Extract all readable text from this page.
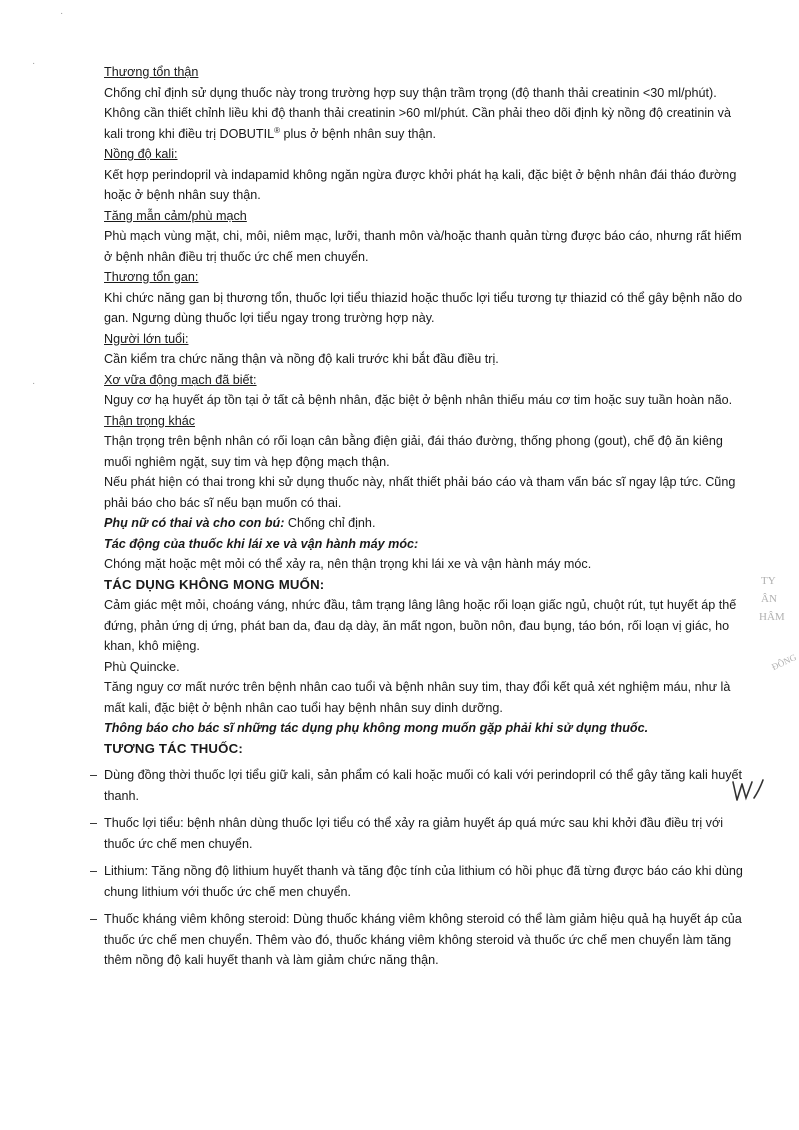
Thương tổn thận

Chống chỉ định sử dụng thuốc này trong trường hợp suy thận trầm trọng (độ thanh thải creatinin <30 ml/phút). Không cần thiết chỉnh liều khi độ thanh thải creatinin >60 ml/phút. Cần phải theo dõi định kỳ nồng độ creatinin và kali trong khi điều trị DOBUTIL® plus ở bệnh nhân suy thận.

Nồng độ kali:

Kết hợp perindopril và indapamid không ngăn ngừa được khởi phát hạ kali, đặc biệt ở bệnh nhân đái tháo đường hoặc ở bệnh nhân suy thận.

Tăng mẫn cảm/phù mạch

Phù mạch vùng mặt, chi, môi, niêm mạc, lưỡi, thanh môn và/hoặc thanh quản từng được báo cáo, nhưng rất hiếm ở bệnh nhân điều trị thuốc ức chế men chuyển.

Thương tổn gan:

Khi chức năng gan bị thương tổn, thuốc lợi tiểu thiazid hoặc thuốc lợi tiểu tương tự thiazid có thể gây bệnh não do gan. Ngưng dùng thuốc lợi tiểu ngay trong trường hợp này.

Người lớn tuổi:

Cần kiểm tra chức năng thận và nồng độ kali trước khi bắt đầu điều trị.

Xơ vữa động mạch đã biết:

Nguy cơ hạ huyết áp tồn tại ở tất cả bệnh nhân, đặc biệt ở bệnh nhân thiếu máu cơ tim hoặc suy tuần hoàn não.

Thận trọng khác

Thận trọng trên bệnh nhân có rối loạn cân bằng điện giải, đái tháo đường, thống phong (gout), chế độ ăn kiêng muối nghiêm ngặt, suy tim và hẹp động mạch thận.

Nếu phát hiện có thai trong khi sử dụng thuốc này, nhất thiết phải báo cáo và tham vấn bác sĩ ngay lập tức. Cũng phải báo cho bác sĩ nếu bạn muốn có thai.

Phụ nữ có thai và cho con bú: Chống chỉ định.

Tác động của thuốc khi lái xe và vận hành máy móc:

Chóng mặt hoặc mệt mỏi có thể xảy ra, nên thận trọng khi lái xe và vận hành máy móc.

TÁC DỤNG KHÔNG MONG MUỐN:

Cảm giác mệt mỏi, choáng váng, nhức đầu, tâm trạng lâng lâng hoặc rối loạn giấc ngủ, chuột rút, tụt huyết áp thế đứng, phản ứng dị ứng, phát ban da, đau dạ dày, ăn mất ngon, buồn nôn, đau bụng, táo bón, rối loạn vị giác, ho khan, khô miệng.

Phù Quincke.

Tăng nguy cơ mất nước trên bệnh nhân cao tuổi và bệnh nhân suy tim, thay đổi kết quả xét nghiệm máu, như là mất kali, đặc biệt ở bệnh nhân cao tuổi hay bệnh nhân suy dinh dưỡng.

Thông báo cho bác sĩ những tác dụng phụ không mong muốn gặp phải khi sử dụng thuốc.

TƯƠNG TÁC THUỐC:

– Dùng đồng thời thuốc lợi tiểu giữ kali, sản phẩm có kali hoặc muối có kali với perindopril có thể gây tăng kali huyết thanh.
– Thuốc lợi tiểu: bệnh nhân dùng thuốc lợi tiểu có thể xảy ra giảm huyết áp quá mức sau khi khởi đầu điều trị với thuốc ức chế men chuyển.
– Lithium: Tăng nồng độ lithium huyết thanh và tăng độc tính của lithium có hồi phục đã từng được báo cáo khi dùng chung lithium với thuốc ức chế men chuyển.
– Thuốc kháng viêm không steroid: Dùng thuốc kháng viêm không steroid có thể làm giảm hiệu quả hạ huyết áp của thuốc ức chế men chuyển. Thêm vào đó, thuốc kháng viêm không steroid và thuốc ức chế men chuyển làm tăng thêm nồng độ kali huyết thanh và làm giảm chức năng thận.
TY
ÂN
HÂM
ĐÔNG
·
·
·
